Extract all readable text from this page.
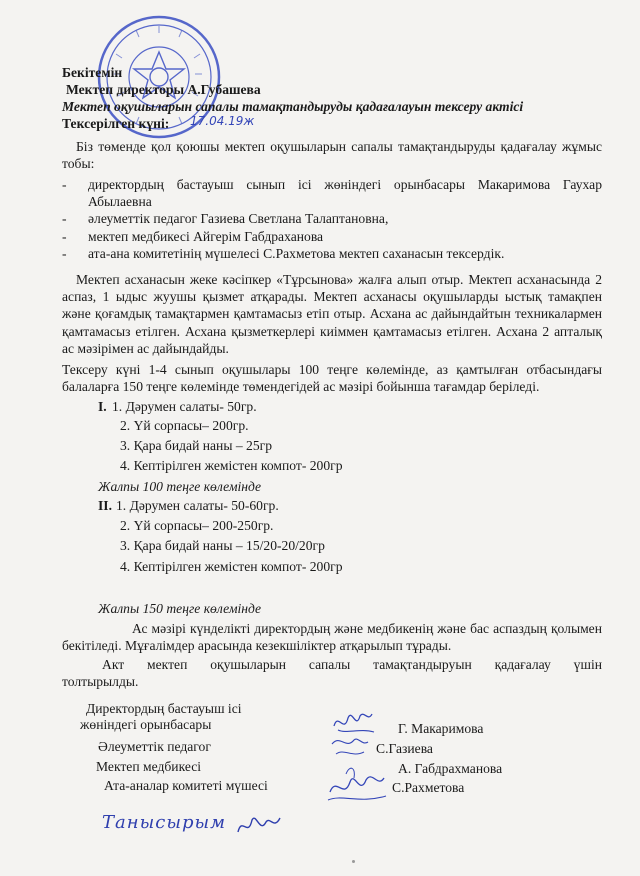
Бекітемін
Мектеп директоры А.Губашева
Мектеп оқушыларын сапалы тамақтандыруды қадағалауын тексеру актісі
Тексерілген күні: 17.04.19ж
Біз төменде қол қоюшы мектеп оқушыларын сапалы тамақтандыруды қадағалау жұмыс тобы:
- директордың бастауыш сынып ісі жөніндегі орынбасары Макаримова Гаухар Абылаевна
- әлеуметтік педагог Газиева Светлана Талаптановна,
- мектеп медбикесі Айгерім Габдраханова
- ата-ана комитетінің мүшелесі С.Рахметова мектеп саханасын тексердік.
Мектеп асханасын жеке кәсіпкер «Тұрсынова» жалға алып отыр. Мектеп асханасында 2 аспаз, 1 ыдыс жуушы қызмет атқарады. Мектеп асханасы оқушыларды ыстық тамақпен және қоғамдық тамақтармен қамтамасыз етіп отыр. Асхана ас дайындайтын техникалармен қамтамасыз етілген. Асхана қызметкерлері киіммен қамтамасыз етілген. Асхана 2 апталық ас мәзірімен ас дайындайды.
Тексеру күні 1-4 сынып оқушылары 100 теңге көлемінде, аз қамтылған отбасындағы балаларға 150 теңге көлемінде төмендегідей ас мәзірі бойынша тағамдар беріледі.
I. 1. Дәрумен салаты- 50гр.
2. Үй сорпасы– 200гр.
3. Қара бидай наны – 25гр
4. Кептірілген жемістен компот- 200гр
Жалпы 100 теңге көлемінде
II. 1. Дәрумен салаты- 50-60гр.
2. Үй сорпасы– 200-250гр.
3. Қара бидай наны – 15/20-20/20гр
4. Кептірілген жемістен компот- 200гр
Жалпы 150 теңге көлемінде
Ас мәзірі күнделікті директордың және медбикенің және бас аспаздың қолымен бекітіледі. Мұғалімдер арасында кезекшіліктер атқарылып тұрады.
Акт мектеп оқушыларын сапалы тамақтандыруын қадағалау үшін толтырылды.
Директордың бастауыш ісі
жөніндегі орынбасары	Г. Макаримова
Әлеуметтік педагог	С.Газиева
Мектеп медбикесі	А. Габдрахманова
Ата-аналар комитеті мүшесі	С.Рахметова
Танысырым
